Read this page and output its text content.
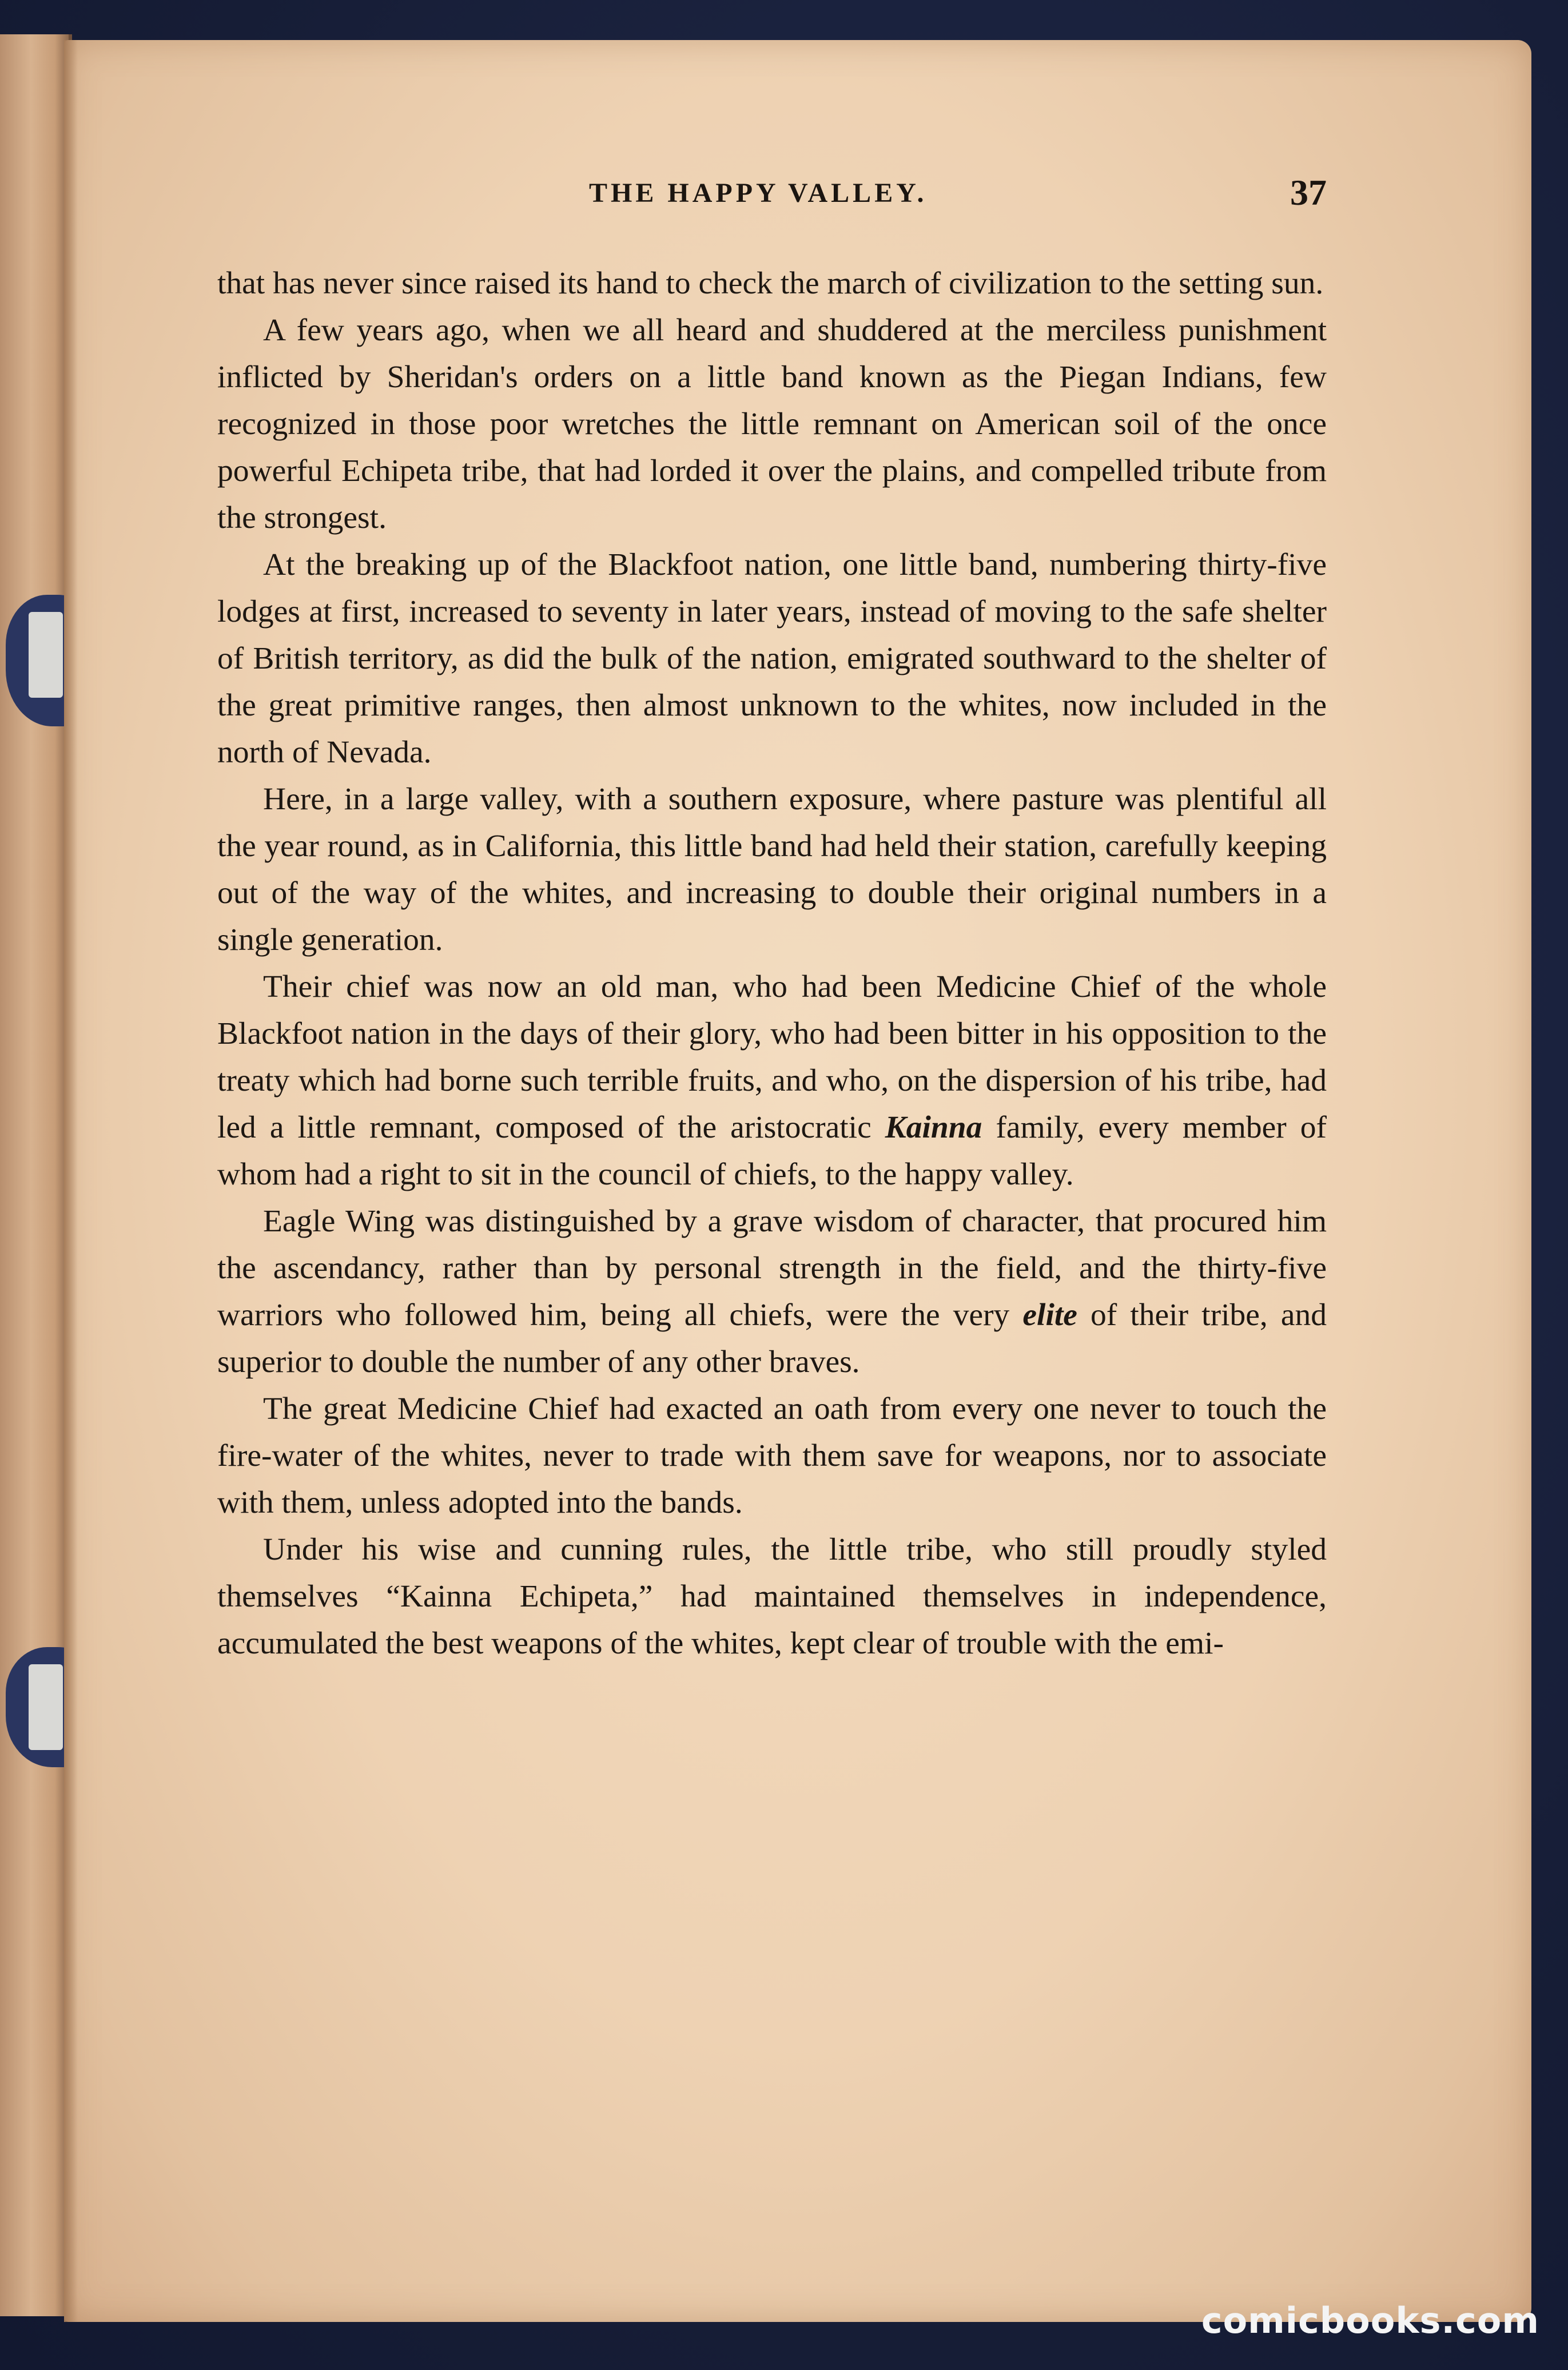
THE HAPPY VALLEY.	37

that has never since raised its hand to check the march of civilization to the setting sun.

A few years ago, when we all heard and shuddered at the merciless punishment inflicted by Sheridan's orders on a little band known as the Piegan Indians, few recognized in those poor wretches the little remnant on American soil of the once powerful Echipeta tribe, that had lorded it over the plains, and compelled tribute from the strongest.

At the breaking up of the Blackfoot nation, one little band, numbering thirty-five lodges at first, increased to seventy in later years, instead of moving to the safe shelter of British territory, as did the bulk of the nation, emigrated southward to the shelter of the great primitive ranges, then almost unknown to the whites, now included in the north of Nevada.

Here, in a large valley, with a southern exposure, where pasture was plentiful all the year round, as in California, this little band had held their station, carefully keeping out of the way of the whites, and increasing to double their original numbers in a single generation.

Their chief was now an old man, who had been Medicine Chief of the whole Blackfoot nation in the days of their glory, who had been bitter in his opposition to the treaty which had borne such terrible fruits, and who, on the dispersion of his tribe, had led a little remnant, composed of the aristocratic Kainna family, every member of whom had a right to sit in the council of chiefs, to the happy valley.

Eagle Wing was distinguished by a grave wisdom of character, that procured him the ascendancy, rather than by personal strength in the field, and the thirty-five warriors who followed him, being all chiefs, were the very elite of their tribe, and superior to double the number of any other braves.

The great Medicine Chief had exacted an oath from every one never to touch the fire-water of the whites, never to trade with them save for weapons, nor to associate with them, unless adopted into the bands.

Under his wise and cunning rules, the little tribe, who still proudly styled themselves “Kainna Echipeta,” had maintained themselves in independence, accumulated the best weapons of the whites, kept clear of trouble with the emi-

comicbooks.com
